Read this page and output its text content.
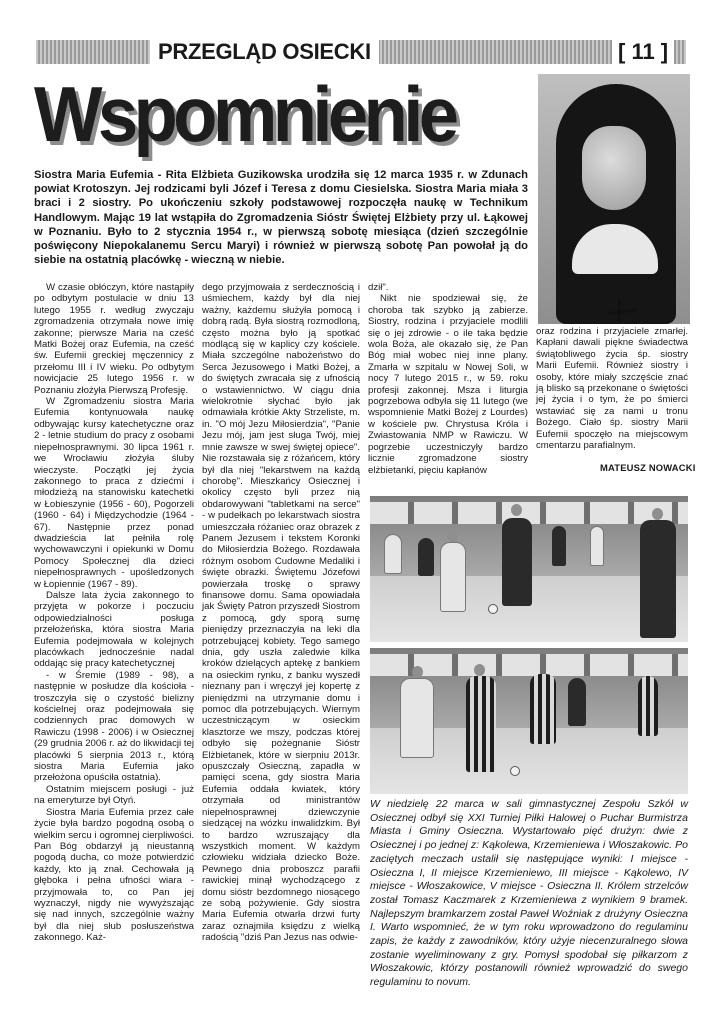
PRZEGLĄD OSIECKI	[ 11 ]
Wspomnienie
Siostra Maria Eufemia - Rita Elżbieta Guzikowska urodziła się 12 marca 1935 r. w Zdunach powiat Krotoszyn. Jej rodzicami byli Józef i Teresa z domu Ciesielska. Siostra Maria miała 3 braci i 2 siostry. Po ukończeniu szkoły podstawowej rozpoczęła naukę w Technikum Handlowym. Mając 19 lat wstąpiła do Zgromadzenia Sióstr Świętej Elżbiety przy ul. Łąkowej w Poznaniu. Było to 2 stycznia 1954 r., w pierwszą sobotę miesiąca (dzień szczególnie poświęcony Niepokalanemu Sercu Maryi) i również w pierwszą sobotę Pan powołał ją do siebie na ostatnią placówkę - wieczną w niebie.

W czasie obłóczyn, które nastąpiły po odbytym postulacie w dniu 13 lutego 1955 r. według zwyczaju zgromadzenia otrzymała nowe imię zakonne; pierwsze Maria na cześć Matki Bożej oraz Eufemia, na cześć św. Eufemii greckiej męczennicy z przełomu III i IV wieku. Po odbytym nowicjacie 25 lutego 1956 r. w Poznaniu złożyła Pierwszą Profesję.

W Zgromadzeniu siostra Maria Eufemia kontynuowała naukę odbywając kursy katechetyczne oraz 2 - letnie studium do pracy z osobami niepełnosprawnymi. 30 lipca 1961 r. we Wrocławiu złożyła śluby wieczyste. Początki jej życia zakonnego to praca z dziećmi i młodzieżą na stanowisku katechetki w Łobieszynie (1956 - 60), Pogorzeli (1960 - 64) i Międzychodzie (1964 - 67). Następnie przez ponad dwadzieścia lat pełniła rolę wychowawczyni i opiekunki w Domu Pomocy Społecznej dla dzieci niepełnosprawnych - upośledzonych w Łopiennie (1967 - 89).

Dalsze lata życia zakonnego to przyjęta w pokorze i poczuciu odpowiedzialności posługa przełożeńska, która siostra Maria Eufemia podejmowała w kolejnych placówkach jednocześnie nadal oddając się pracy katechetycznej

- w Śremie (1989 - 98), a następnie w posłudze dla kościoła - troszczyła się o czystość bielizny kościelnej oraz podejmowała się codziennych prac domowych w Rawiczu (1998 - 2006) i w Osiecznej (29 grudnia 2006 r. aż do likwidacji tej placówki 5 sierpnia 2013 r., którą siostra Maria Eufemia jako przełożona opuściła ostatnia).

Ostatnim miejscem posługi - już na emeryturze był Otyń.

Siostra Maria Eufemia przez całe życie była bardzo pogodną osobą o wielkim sercu i ogromnej cierpliwości. Pan Bóg obdarzył ją nieustanną pogodą ducha, co może potwierdzić każdy, kto ją znał. Cechowała ją głęboka i pełna ufności wiara - przyjmowała to, co Pan jej wyznaczył, nigdy nie wywyższając się nad innych, szczególnie ważny był dla niej słub posłuszeństwa zakonnego. Każ-

dego przyjmowała z serdecznością i uśmiechem, każdy był dla niej ważny, każdemu służyła pomocą i dobrą radą. Była siostrą rozmodloną, często można było ją spotkać modlącą się w kaplicy czy kościele. Miała szczególne nabożeństwo do Serca Jezusowego i Matki Bożej, a do świętych zwracała się z ufnością o wstawiennictwo. W ciągu dnia wielokrotnie słychać było jak odmawiała krótkie Akty Strzeliste, m. in. "O mój Jezu Miłosierdzia", "Panie Jezu mój, jam jest sługa Twój, miej mnie zawsze w swej świętej opiece". Nie rozstawała się z różańcem, który był dla niej "lekarstwem na każdą chorobę". Mieszkańcy Osiecznej i okolicy często byli przez nią obdarowywani "tabletkami na serce" - w pudełkach po lekarstwach siostra umieszczała różaniec oraz obrazek z Panem Jezusem i tekstem Koronki do Miłosierdzia Bożego. Rozdawała różnym osobom Cudowne Medaliki i święte obrazki. Świętemu Józefowi powierzała troskę o sprawy finansowe domu. Sama opowiadała jak Święty Patron przyszedł Siostrom z pomocą, gdy sporą sumę pieniędzy przeznaczyła na leki dla potrzebującej kobiety. Tego samego dnia, gdy uszła zaledwie kilka kroków dzielących aptekę z bankiem na osieckim rynku, z banku wyszedł nieznany pan i wręczył jej kopertę z pieniędzmi na utrzymanie domu i pomoc dla potrzebujących. Wiernym uczestniczącym w osieckim klasztorze we mszy, podczas której odbyło się pożegnanie Sióstr Elżbietanek, które w sierpniu 2013r. opuszczały Osieczną, zapadła w pamięci scena, gdy siostra Maria Eufemia oddała kwiatek, który otrzymała od ministrantów niepełnosprawnej dziewczynie siedzącej na wózku inwalidzkim. Był to bardzo wzruszający dla wszystkich moment. W każdym człowieku widziała dziecko Boże. Pewnego dnia proboszcz parafii rawickiej minął wychodzącego z domu sióstr bezdomnego niosącego ze sobą pożywienie. Gdy siostra Maria Eufemia otwarła drzwi furty zaraz oznajmiła księdzu z wielką radością "dziś Pan Jezus nas odwie-

dził".

Nikt nie spodziewał się, że choroba tak szybko ją zabierze. Siostry, rodzina i przyjaciele modlili się o jej zdrowie - o ile taka będzie wola Boża, ale okazało się, że Pan Bóg miał wobec niej inne plany. Zmarła w szpitalu w Nowej Soli, w nocy 7 lutego 2015 r., w 59. roku profesji zakonnej. Msza i liturgia pogrzebowa odbyła się 11 lutego (we wspomnienie Matki Bożej z Lourdes) w kościele pw. Chrystusa Króla i Zwiastowania NMP w Rawiczu. W pogrzebie uczestniczyły bardzo licznie zgromadzone siostry elżbietanki, pięciu kapłanów

oraz rodzina i przyjaciele zmarłej. Kapłani dawali piękne świadectwa świątobliwego życia śp. siostry Marii Eufemii. Również siostry i osoby, które miały szczęście znać ją blisko są przekonane o świętości jej życia i o tym, że po śmierci wstawiać się za nami u tronu Bożego. Ciało śp. siostry Marii Eufemii spoczęło na miejscowym cmentarzu parafialnym.

MATEUSZ NOWACKI
W niedzielę 22 marca w sali gimnastycznej Zespołu Szkół w Osiecznej odbył się XXI Turniej Piłki Halowej o Puchar Burmistrza Miasta i Gminy Osieczna. Wystartowało pięć drużyn: dwie z Osiecznej i po jednej z: Kąkolewa, Krzemieniewa i Włoszakowic. Po zaciętych meczach ustalił się następujące wyniki: I miejsce - Osieczna I, II miejsce Krzemieniewo, III miejsce - Kąkolewo, IV miejsce - Włoszakowice, V miejsce - Osieczna II. Królem strzelców został Tomasz Kaczmarek z Krzemieniewa z wynikiem 9 bramek. Najlepszym bramkarzem został Paweł Woźniak z drużyny Osieczna I. Warto wspomnieć, że w tym roku wprowadzono do regulaminu zapis, że każdy z zawodników, który użyje niecenzuralnego słowa zostanie wyeliminowany z gry. Pomysł spodobał się piłkarzom z Włoszakowic, którzy postanowili również wprowadzić do swego regulaminu to novum.
